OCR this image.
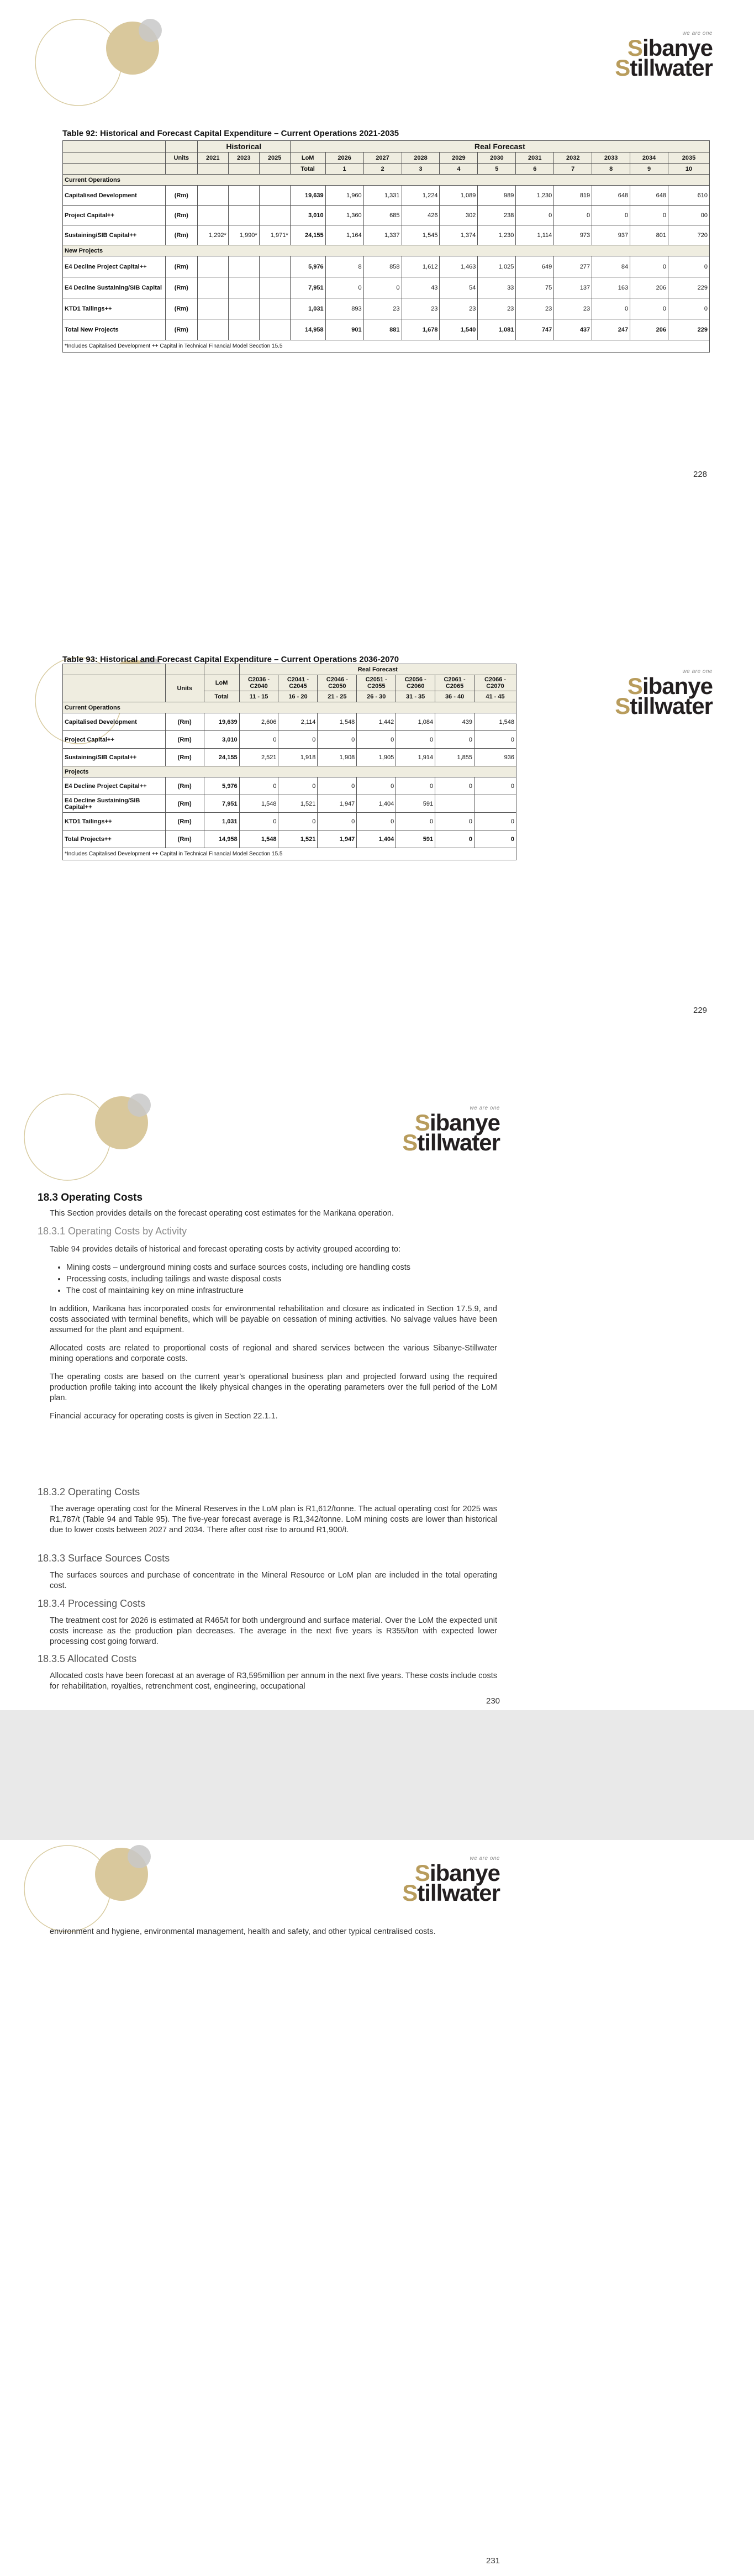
we are one
Sibanye
Stillwater
Table 92: Historical and Forecast Capital Expenditure – Current Operations 2021-2035
		Historical			Real Forecast										
	Units	2021	2023	2025	LoM	2026	2027	2028	2029	2030	2031	2032	2033	2034	2035
					Total	1	2	3	4	5	6	7	8	9	10
Current Operations															
Capitalised Development	(Rm)				19,639	1,960	1,331	1,224	1,089	989	1,230	819	648	648	610
Project Capital++	(Rm)				3,010	1,360	685	426	302	238	0	0	0	0	00
Sustaining/SIB Capital++	(Rm)	1,292*	1,990*	1,971*	24,155	1,164	1,337	1,545	1,374	1,230	1,114	973	937	801	720
New Projects															
E4 Decline Project Capital++	(Rm)				5,976	8	858	1,612	1,463	1,025	649	277	84	0	0
E4 Decline Sustaining/SIB Capital	(Rm)				7,951	0	0	43	54	33	75	137	163	206	229
KTD1 Tailings++	(Rm)				1,031	893	23	23	23	23	23	23	0	0	0
Total New Projects	(Rm)				14,958	901	881	1,678	1,540	1,081	747	437	247	206	229
*Includes Capitalised Development ++ Capital in Technical Financial Model Secction 15.5															
228
we are one
Sibanye
Stillwater
Table 93: Historical and Forecast Capital Expenditure – Current Operations 2036-2070
			Real Forecast						
	Units	LoM	C2036 - C2040	C2041 - C2045	C2046 - C2050	C2051 - C2055	C2056 - C2060	C2061 - C2065	C2066 - C2070
		Total	11 - 15	16 - 20	21 - 25	26 - 30	31 - 35	36 - 40	41 - 45
Current Operations									
Capitalised Development	(Rm)	19,639	2,606	2,114	1,548	1,442	1,084	439	1,548
Project Capital++	(Rm)	3,010	0	0	0	0	0	0	0
Sustaining/SIB Capital++	(Rm)	24,155	2,521	1,918	1,908	1,905	1,914	1,855	936
Projects									
E4 Decline Project Capital++	(Rm)	5,976	0	0	0	0	0	0	0
E4 Decline Sustaining/SIB Capital++	(Rm)	7,951	1,548	1,521	1,947	1,404	591		
KTD1 Tailings++	(Rm)	1,031	0	0	0	0	0	0	0
Total Projects++	(Rm)	14,958	1,548	1,521	1,947	1,404	591	0	0
*Includes Capitalised Development ++ Capital in Technical Financial Model Secction 15.5									
229
we are one
Sibanye
Stillwater
18.3 Operating Costs

This Section provides details on the forecast operating cost estimates for the Marikana operation.

18.3.1 Operating Costs by Activity

Table 94 provides details of historical and forecast operating costs by activity grouped according to:

• Mining costs – underground mining costs and surface sources costs, including ore handling costs
• Processing costs, including tailings and waste disposal costs
• The cost of maintaining key on mine infrastructure

In addition, Marikana has incorporated costs for environmental rehabilitation and closure as indicated in Section 17.5.9, and costs associated with terminal benefits, which will be payable on cessation of mining activities. No salvage values have been assumed for the plant and equipment.

Allocated costs are related to proportional costs of regional and shared services between the various Sibanye-Stillwater mining operations and corporate costs.

The operating costs are based on the current year’s operational business plan and projected forward using the required production profile taking into account the likely physical changes in the operating parameters over the full period of the LoM plan.

Financial accuracy for operating costs is given in Section 22.1.1.

18.3.2 Operating Costs

The average operating cost for the Mineral Reserves in the LoM plan is R1,612/tonne. The actual operating cost for 2025 was R1,787/t (Table 94 and Table 95). The five-year forecast average is R1,342/tonne. LoM mining costs are lower than historical due to lower costs between 2027 and 2034. There after cost rise to around R1,900/t.

18.3.3 Surface Sources Costs

The surfaces sources and purchase of concentrate in the Mineral Resource or LoM plan are included in the total operating cost.

18.3.4 Processing Costs

The treatment cost for 2026 is estimated at R465/t for both underground and surface material. Over the LoM the expected unit costs increase as the production plan decreases. The average in the next five years is R355/ton with expected lower processing cost going forward.

18.3.5 Allocated Costs

Allocated costs have been forecast at an average of R3,595million per annum in the next five years. These costs include costs for rehabilitation, royalties, retrenchment cost, engineering, occupational

230
we are one
Sibanye
Stillwater

environment and hygiene, environmental management, health and safety, and other typical centralised costs.

231
